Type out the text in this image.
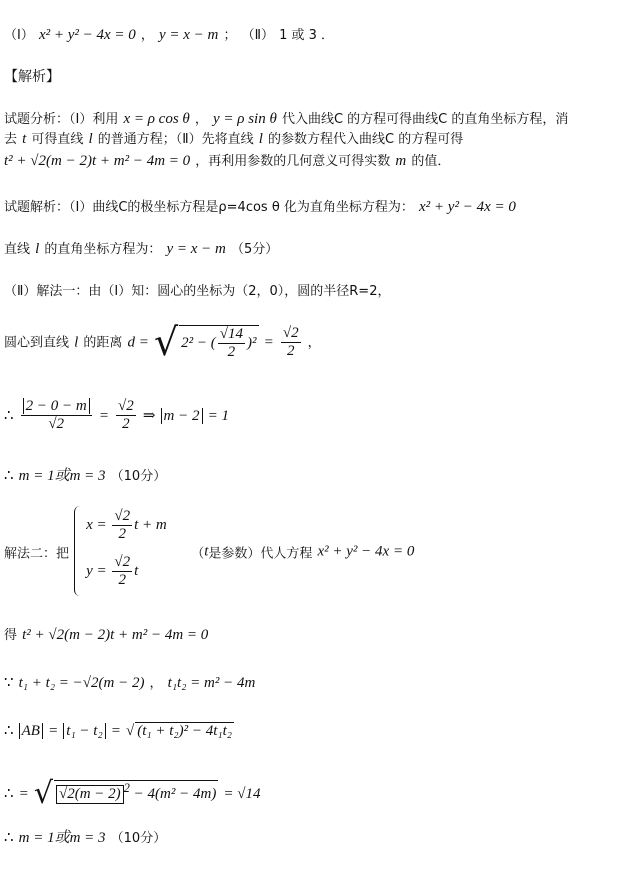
（Ⅰ） x² + y² − 4x = 0 ， y = x − m ； （Ⅱ） 1 或 3 ．
【解析】
试题分析：（Ⅰ）利用 x = ρ cos θ ， y = ρ sin θ 代入曲线C 的方程可得曲线C 的直角坐标方程，消
去 t 可得直线 l 的普通方程；（Ⅱ）先将直线 l 的参数方程代入曲线C 的方程可得
t² + √2(m − 2)t + m² − 4m = 0 ，再利用参数的几何意义可得实数 m 的值．
试题解析：（Ⅰ）曲线C的极坐标方程是ρ=4cos θ 化为直角坐标方程为： x² + y² − 4x = 0
直线 l 的直角坐标方程为： y = x − m （5分）
（Ⅱ）解法一：由（Ⅰ）知：圆心的坐标为（2，0），圆的半径R=2，
圆心到直线 l 的距离 d = √ 2² − ( $\frac{√14}{2} )^2 = \frac{√2}{2}$ ，
∴ $\frac{2 - 0 - m}{√2} = \frac{√2}{2}$ ⇒ m − 2 = 1
∴ m = 1或m = 3 （10分）
解法二：把
$x = \frac{√2}{2}$ t + m
$y = \frac{√2}{2}$ t
（t是参数）代人方程 x² + y² − 4x = 0
得 t² + √2(m − 2)t + m² − 4m = 0
∵ t₁ + t₂ = −√2(m − 2) ， t₁t₂ = m² − 4m
∴ AB = t₁ − t₂ = √ (t₁ + t₂)² − 4t₁t₂
∴ = √ √2(m − 2) $^2$ − 4(m² − 4m) = √14
∴ m = 1或m = 3 （10分）
